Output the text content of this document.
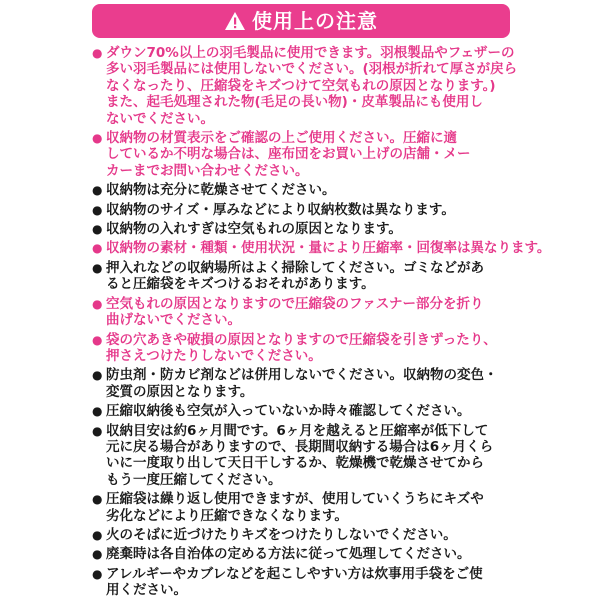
使用上の注意
● ダウン70%以上の羽毛製品に使用できます。羽根製品やフェザーの
多い羽毛製品には使用しないでください。(羽根が折れて厚さが戻ら
なくなったり、圧縮袋をキズつけて空気もれの原因となります。)
また、起毛処理された物(毛足の長い物)・皮革製品にも使用し
ないでください。
● 収納物の材質表示をご確認の上ご使用ください。圧縮に適
しているか不明な場合は、座布団をお買い上げの店舗・メー
カーまでお問い合わせください。
● 収納物は充分に乾燥させてください。
● 収納物のサイズ・厚みなどにより収納枚数は異なります。
● 収納物の入れすぎは空気もれの原因となります。
● 収納物の素材・種類・使用状況・量により圧縮率・回復率は異なります。
● 押入れなどの収納場所はよく掃除してください。ゴミなどがあ
ると圧縮袋をキズつけるおそれがあります。
● 空気もれの原因となりますので圧縮袋のファスナー部分を折り
曲げないでください。
● 袋の穴あきや破損の原因となりますので圧縮袋を引きずったり、
押さえつけたりしないでください。
● 防虫剤・防カビ剤などは併用しないでください。収納物の変色・
変質の原因となります。
● 圧縮収納後も空気が入っていないか時々確認してください。
● 収納目安は約6ヶ月間です。6ヶ月を越えると圧縮率が低下して
元に戻る場合がありますので、長期間収納する場合は6ヶ月くら
いに一度取り出して天日干しするか、乾燥機で乾燥させてから
もう一度圧縮してください。
● 圧縮袋は繰り返し使用できますが、使用していくうちにキズや
劣化などにより圧縮できなくなります。
● 火のそばに近づけたりキズをつけたりしないでください。
● 廃棄時は各自治体の定める方法に従って処理してください。
● アレルギーやカブレなどを起こしやすい方は炊事用手袋をご使
用ください。
